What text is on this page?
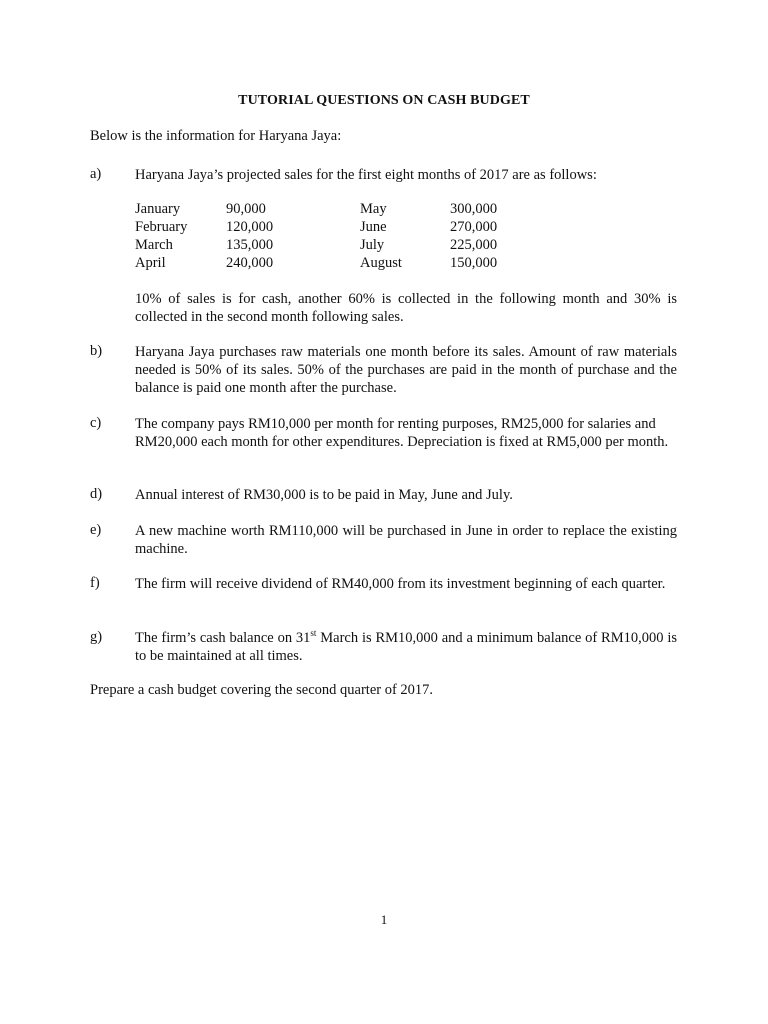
TUTORIAL QUESTIONS ON CASH BUDGET
Below is the information for Haryana Jaya:
a) Haryana Jaya’s projected sales for the first eight months of 2017 are as follows:
January	90,000	May	300,000
February	120,000	June	270,000
March	135,000	July	225,000
April	240,000	August	150,000
10% of sales is for cash, another 60% is collected in the following month and 30% is collected in the second month following sales.
b) Haryana Jaya purchases raw materials one month before its sales. Amount of raw materials needed is 50% of its sales. 50% of the purchases are paid in the month of purchase and the balance is paid one month after the purchase.
c) The company pays RM10,000 per month for renting purposes, RM25,000 for salaries and RM20,000 each month for other expenditures. Depreciation is fixed at RM5,000 per month.
d) Annual interest of RM30,000 is to be paid in May, June and July.
e) A new machine worth RM110,000 will be purchased in June in order to replace the existing machine.
f) The firm will receive dividend of RM40,000 from its investment beginning of each quarter.
g) The firm’s cash balance on 31st March is RM10,000 and a minimum balance of RM10,000 is to be maintained at all times.
Prepare a cash budget covering the second quarter of 2017.
1
